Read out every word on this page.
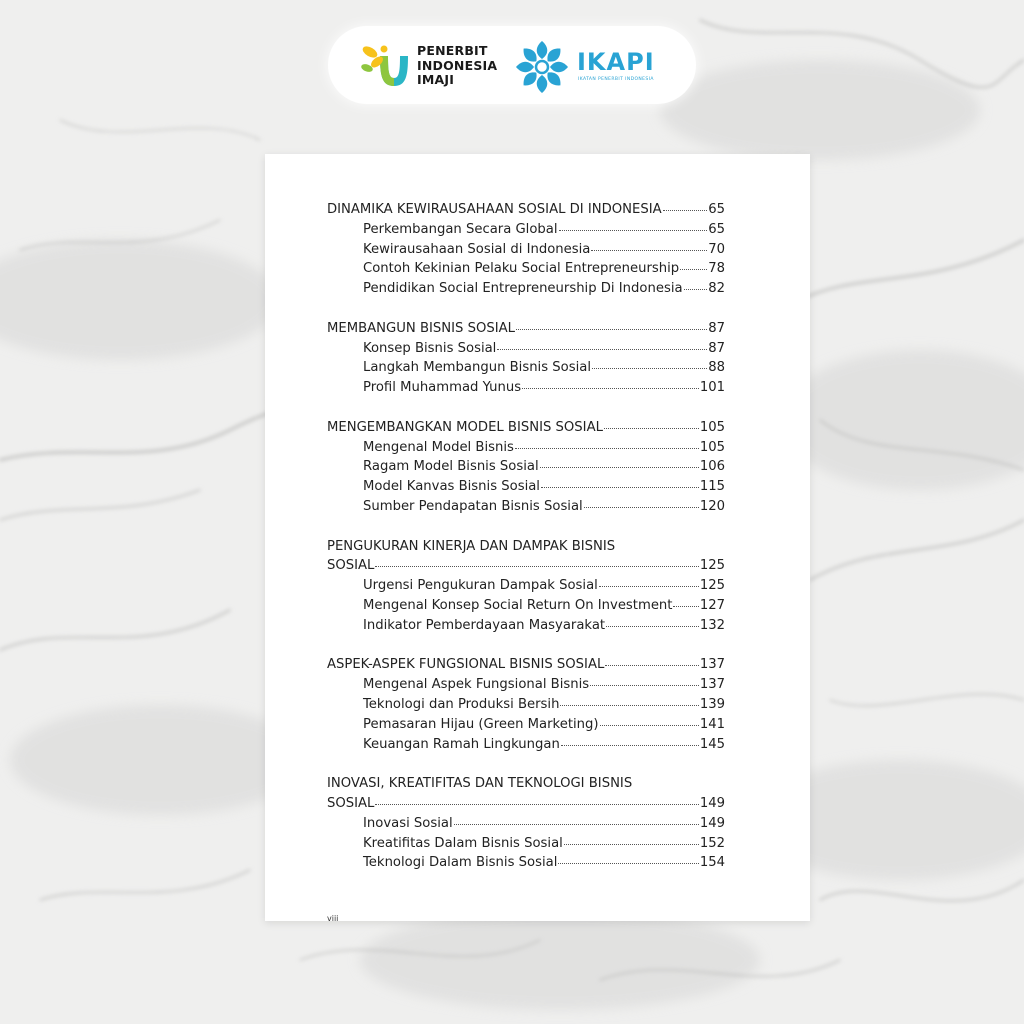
PENERBIT
INDONESIA
IMAJI
IKAPI
IKATAN PENERBIT INDONESIA
DINAMIKA KEWIRAUSAHAAN SOSIAL DI INDONESIA	65
Perkembangan Secara Global	65
Kewirausahaan Sosial di Indonesia	70
Contoh Kekinian Pelaku Social Entrepreneurship 78
Pendidikan Social Entrepreneurship Di Indonesia 82
MEMBANGUN BISNIS SOSIAL	87
Konsep Bisnis Sosial	87
Langkah Membangun Bisnis Sosial	88
Profil Muhammad Yunus	101
MENGEMBANGKAN MODEL BISNIS SOSIAL	105
Mengenal Model Bisnis	105
Ragam Model Bisnis Sosial	106
Model Kanvas Bisnis Sosial	115
Sumber Pendapatan Bisnis Sosial	120
PENGUKURAN KINERJA DAN DAMPAK BISNIS
SOSIAL	125
Urgensi Pengukuran Dampak Sosial	125
Mengenal Konsep Social Return On Investment 127
Indikator Pemberdayaan Masyarakat	132
ASPEK-ASPEK FUNGSIONAL BISNIS SOSIAL	137
Mengenal Aspek Fungsional Bisnis	137
Teknologi dan Produksi Bersih	139
Pemasaran Hijau (Green Marketing)	141
Keuangan Ramah Lingkungan	145
INOVASI, KREATIFITAS DAN TEKNOLOGI BISNIS
SOSIAL	149
Inovasi Sosial	149
Kreatifitas Dalam Bisnis Sosial	152
Teknologi Dalam Bisnis Sosial	154
viii
